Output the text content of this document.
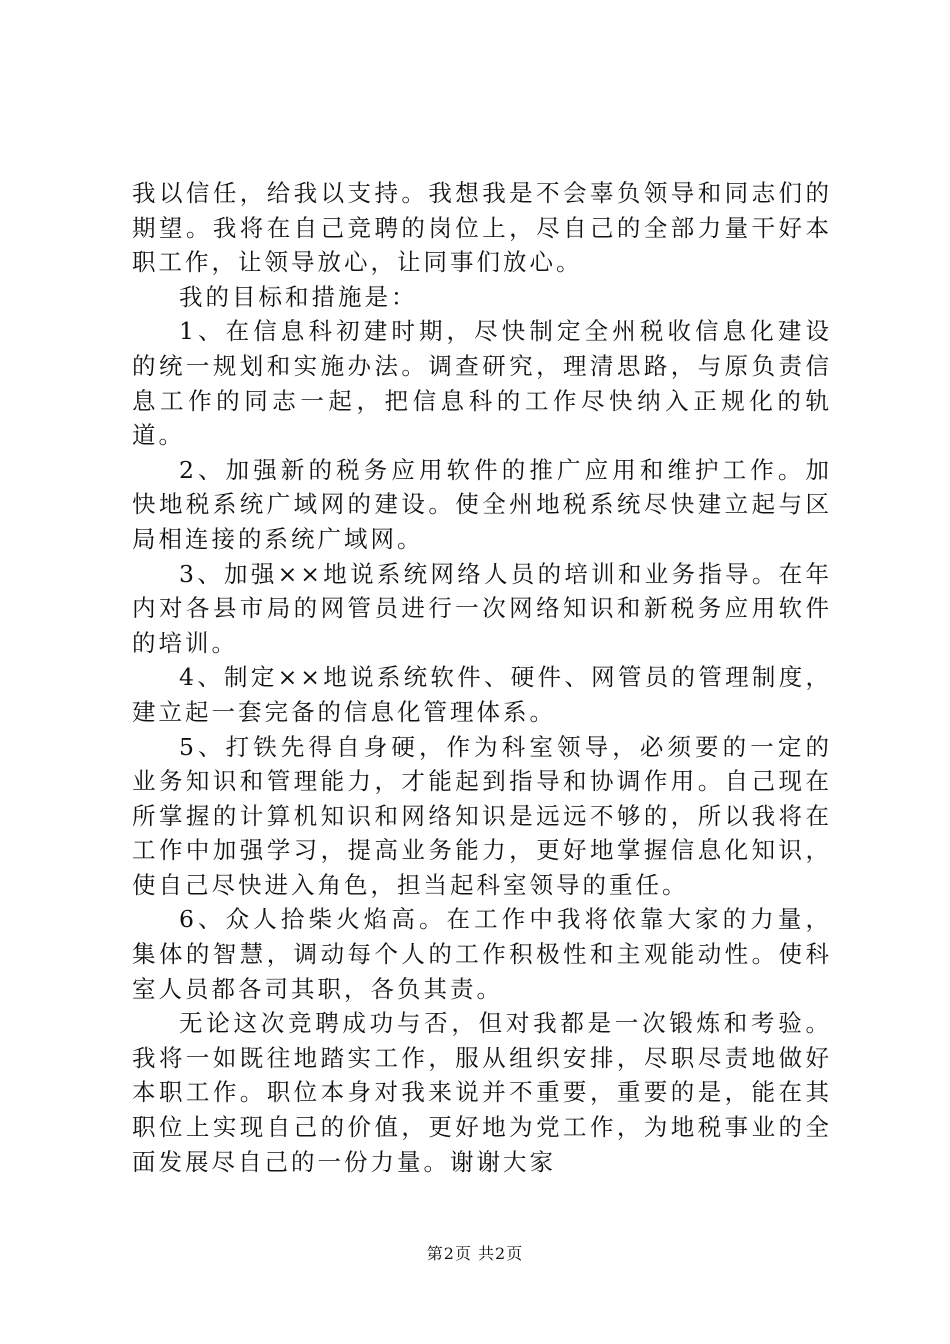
我以信任，给我以支持。我想我是不会辜负领导和同志们的期望。我将在自己竞聘的岗位上，尽自己的全部力量干好本职工作，让领导放心，让同事们放心。

我的目标和措施是：

1、在信息科初建时期，尽快制定全州税收信息化建设的统一规划和实施办法。调查研究，理清思路，与原负责信息工作的同志一起，把信息科的工作尽快纳入正规化的轨道。

2、加强新的税务应用软件的推广应用和维护工作。加快地税系统广域网的建设。使全州地税系统尽快建立起与区局相连接的系统广域网。

3、加强××地说系统网络人员的培训和业务指导。在年内对各县市局的网管员进行一次网络知识和新税务应用软件的培训。

4、制定××地说系统软件、硬件、网管员的管理制度，建立起一套完备的信息化管理体系。

5、打铁先得自身硬，作为科室领导，必须要的一定的业务知识和管理能力，才能起到指导和协调作用。自己现在所掌握的计算机知识和网络知识是远远不够的，所以我将在工作中加强学习，提高业务能力，更好地掌握信息化知识，使自己尽快进入角色，担当起科室领导的重任。

6、众人拾柴火焰高。在工作中我将依靠大家的力量，集体的智慧，调动每个人的工作积极性和主观能动性。使科室人员都各司其职，各负其责。

无论这次竞聘成功与否，但对我都是一次锻炼和考验。我将一如既往地踏实工作，服从组织安排，尽职尽责地做好本职工作。职位本身对我来说并不重要，重要的是，能在其职位上实现自己的价值，更好地为党工作，为地税事业的全面发展尽自己的一份力量。谢谢大家

第2页 共2页
